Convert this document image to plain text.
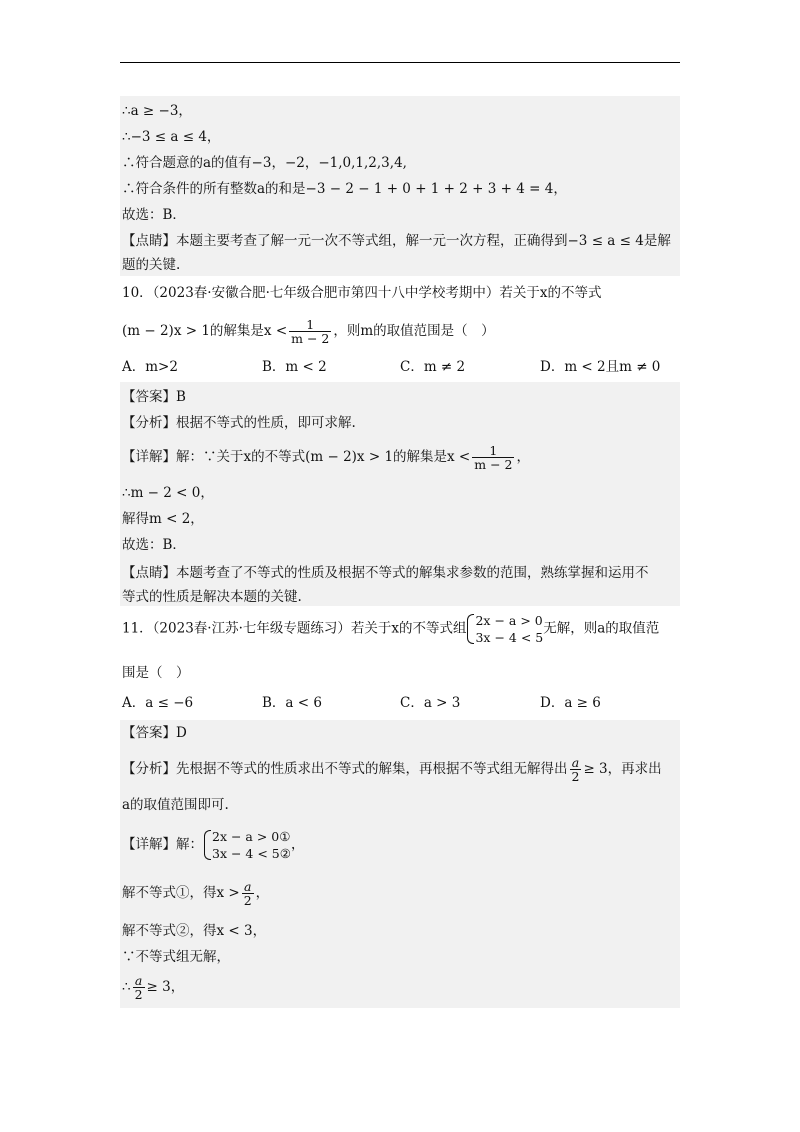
∴a ≥ −3，
∴−3 ≤ a ≤ 4，
∴符合题意的a的值有−3，−2，−1,0,1,2,3,4,
∴符合条件的所有整数a的和是−3 − 2 − 1 + 0 + 1 + 2 + 3 + 4 = 4，
故选：B．
【点睛】本题主要考查了解一元一次不等式组，解一元一次方程，正确得到−3 ≤ a ≤ 4是解
题的关键.
10．（2023春·安徽合肥·七年级合肥市第四十八中学校考期中）若关于x的不等式
(m − 2)x > 1的解集是$x < \frac{1}{m - 2}$ ，则m的取值范围是（　）
A．m>2	B．m < 2	C．m ≠ 2	D．m < 2且m ≠ 0
【答案】B
【分析】根据不等式的性质，即可求解.
【详解】解：∵关于x的不等式(m − 2)x > 1的解集是$x < \frac{1}{m - 2}$ ，
∴m − 2 < 0，
解得m < 2，
故选：B．
【点睛】本题考查了不等式的性质及根据不等式的解集求参数的范围，熟练掌握和运用不
等式的性质是解决本题的关键.
11．（2023春·江苏·七年级专题练习）若关于x的不等式组 2x − a > 0
3x − 4 < 5
无解，则a的取值范
围是（　）
A．a ≤ −6	B．a < 6	C．a > 3	D．a ≥ 6
【答案】D
【分析】先根据不等式的性质求出不等式的解集，再根据不等式组无解得出 $\frac{a}{2} \ge 3$，再求出
a的取值范围即可.
【详解】解： 2x − a > 0①
3x − 4 < 5②
，
解不等式①，得$x > \frac{a}{2}$ ，
解不等式②，得x < 3，
∵不等式组无解，
∴ $\frac{a}{2} \ge 3$，
